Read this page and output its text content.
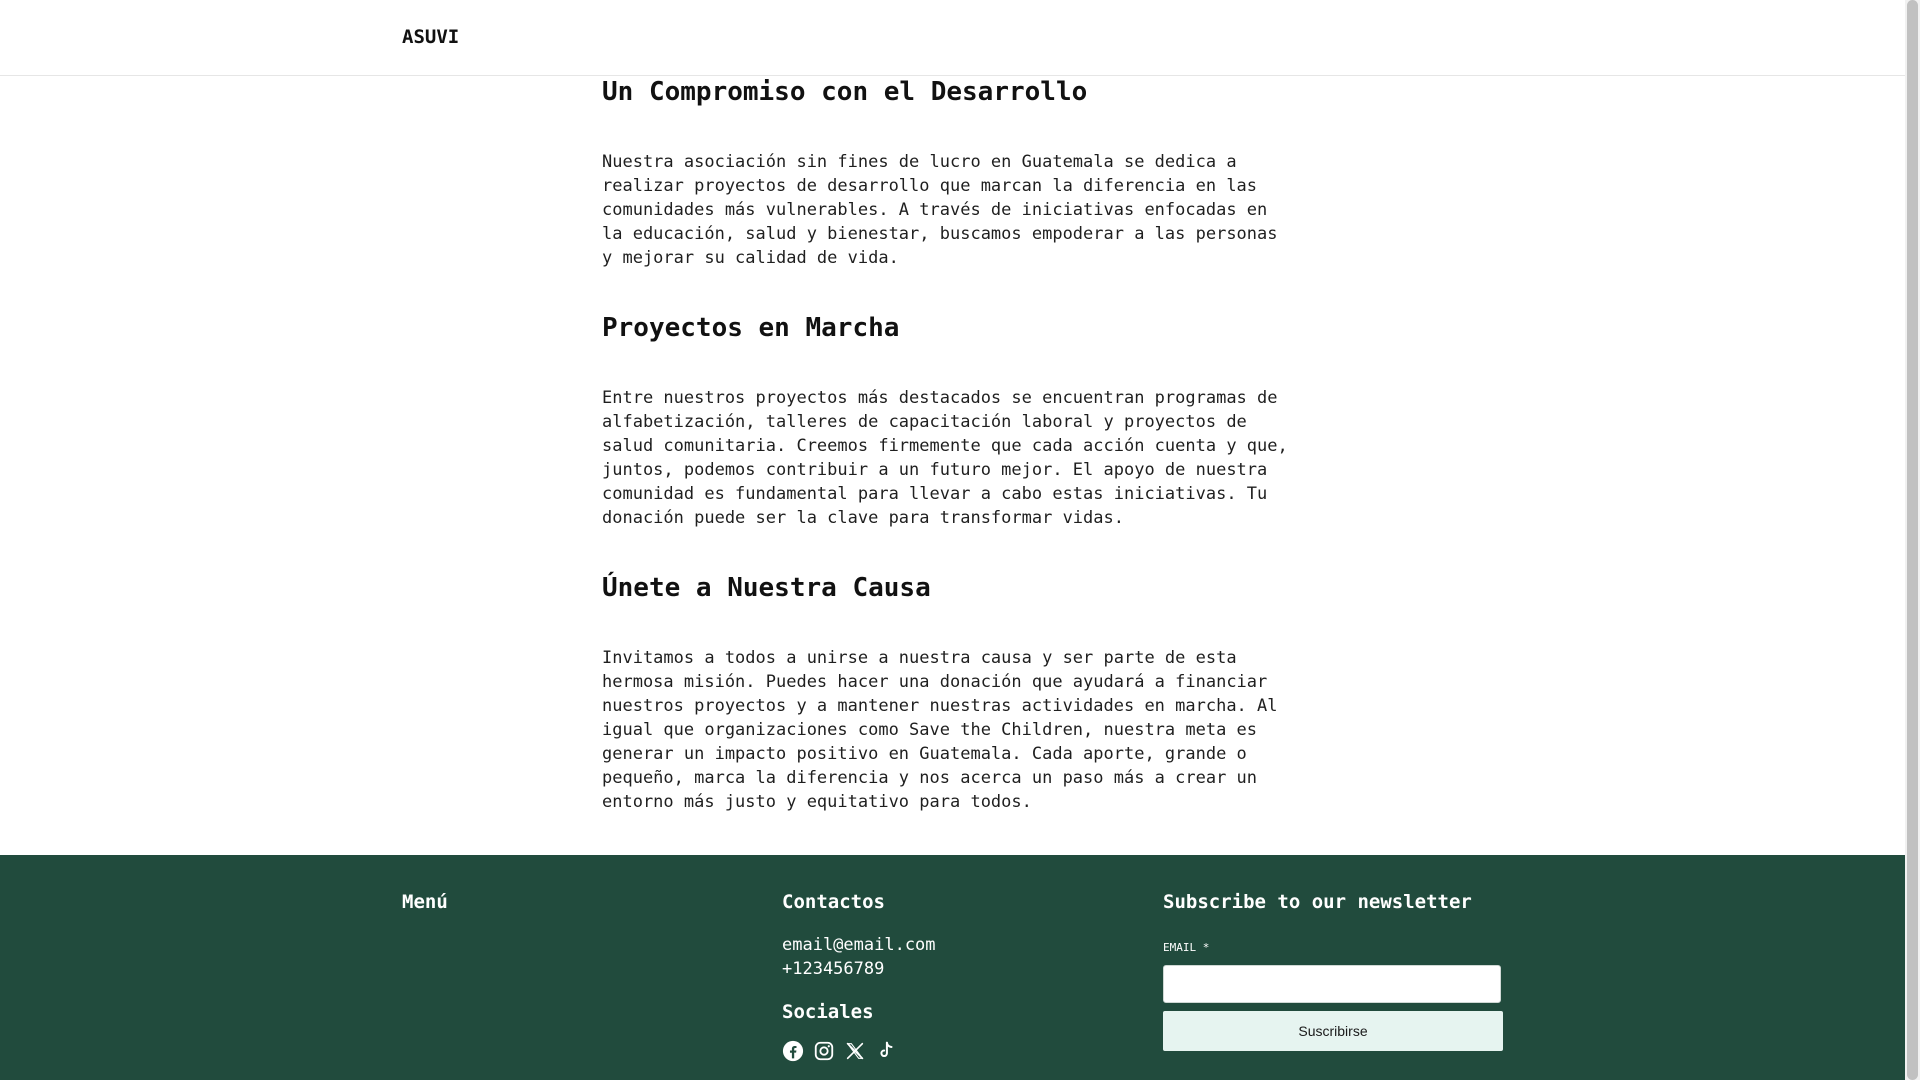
ASUVI
Un Compromiso con el Desarrollo

Nuestra asociación sin fines de lucro en Guatemala se dedica a realizar proyectos de desarrollo que marcan la diferencia en las comunidades más vulnerables. A través de iniciativas enfocadas en la educación, salud y bienestar, buscamos empoderar a las personas y mejorar su calidad de vida.

Proyectos en Marcha

Entre nuestros proyectos más destacados se encuentran programas de alfabetización, talleres de capacitación laboral y proyectos de salud comunitaria. Creemos firmemente que cada acción cuenta y que, juntos, podemos contribuir a un futuro mejor. El apoyo de nuestra comunidad es fundamental para llevar a cabo estas iniciativas. Tu donación puede ser la clave para transformar vidas.

Únete a Nuestra Causa

Invitamos a todos a unirse a nuestra causa y ser parte de esta hermosa misión. Puedes hacer una donación que ayudará a financiar nuestros proyectos y a mantener nuestras actividades en marcha. Al igual que organizaciones como Save the Children, nuestra meta es generar un impacto positivo en Guatemala. Cada aporte, grande o pequeño, marca la diferencia y nos acerca un paso más a crear un entorno más justo y equitativo para todos.

Menú	Contactos
email@email.com
+123456789
Sociales
Subscribe to our newsletter
EMAIL *
Suscribirse
